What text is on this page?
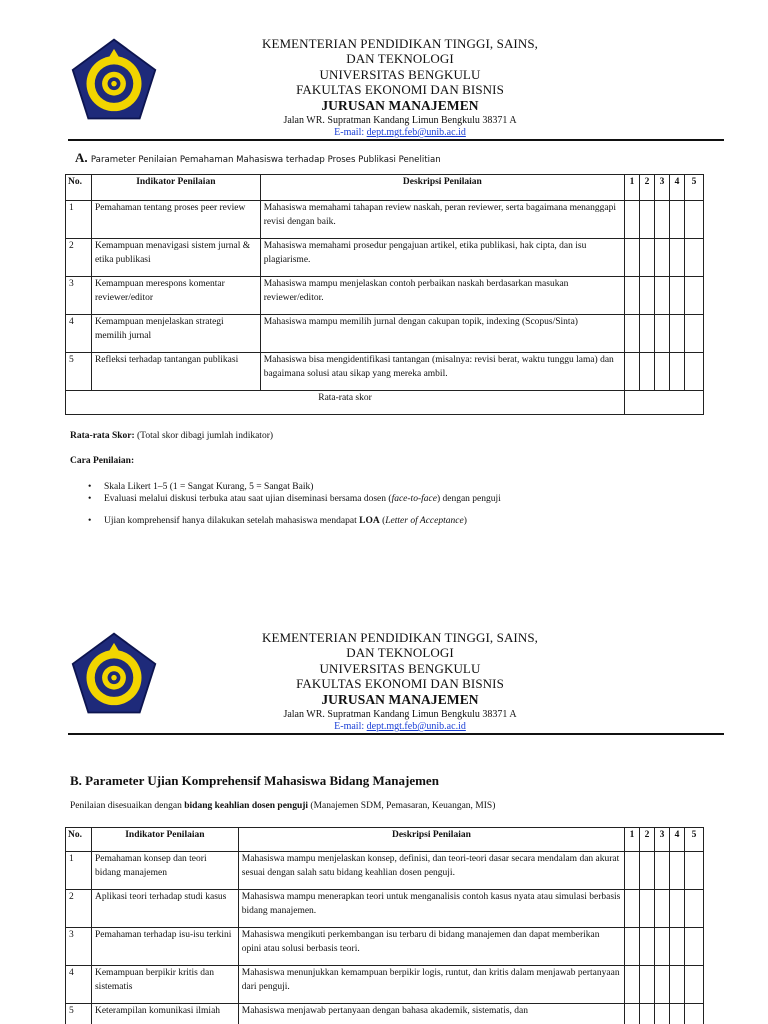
KEMENTERIAN PENDIDIKAN TINGGI, SAINS,
DAN TEKNOLOGI
UNIVERSITAS BENGKULU
FAKULTAS EKONOMI DAN BISNIS
JURUSAN MANAJEMEN
Jalan WR. Supratman Kandang Limun Bengkulu 38371 A
E-mail: dept.mgt.feb@unib.ac.id
A. Parameter Penilaian Pemahaman Mahasiswa terhadap Proses Publikasi Penelitian
No.	Indikator Penilaian	Deskripsi Penilaian	1	2	3	4	5
1	Pemahaman tentang proses peer review	Mahasiswa memahami tahapan review naskah, peran reviewer, serta bagaimana menanggapi revisi dengan baik.					
2	Kemampuan menavigasi sistem jurnal & etika publikasi	Mahasiswa memahami prosedur pengajuan artikel, etika publikasi, hak cipta, dan isu plagiarisme.					
3	Kemampuan merespons komentar reviewer/editor	Mahasiswa mampu menjelaskan contoh perbaikan naskah berdasarkan masukan reviewer/editor.					
4	Kemampuan menjelaskan strategi memilih jurnal	Mahasiswa mampu memilih jurnal dengan cakupan topik, indexing (Scopus/Sinta)					
5	Refleksi terhadap tantangan publikasi	Mahasiswa bisa mengidentifikasi tantangan (misalnya: revisi berat, waktu tunggu lama) dan bagaimana solusi atau sikap yang mereka ambil.					
Rata-rata skor							
Rata-rata Skor: (Total skor dibagi jumlah indikator)
Cara Penilaian:
• Skala Likert 1–5 (1 = Sangat Kurang, 5 = Sangat Baik)
• Evaluasi melalui diskusi terbuka atau saat ujian diseminasi bersama dosen (face-to-face) dengan penguji
• Ujian komprehensif hanya dilakukan setelah mahasiswa mendapat LOA (Letter of Acceptance)
KEMENTERIAN PENDIDIKAN TINGGI, SAINS,
DAN TEKNOLOGI
UNIVERSITAS BENGKULU
FAKULTAS EKONOMI DAN BISNIS
JURUSAN MANAJEMEN
Jalan WR. Supratman Kandang Limun Bengkulu 38371 A
E-mail: dept.mgt.feb@unib.ac.id
B. Parameter Ujian Komprehensif Mahasiswa Bidang Manajemen
Penilaian disesuaikan dengan bidang keahlian dosen penguji (Manajemen SDM, Pemasaran, Keuangan, MIS)
No.	Indikator Penilaian	Deskripsi Penilaian	1	2	3	4	5
1	Pemahaman konsep dan teori bidang manajemen	Mahasiswa mampu menjelaskan konsep, definisi, dan teori-teori dasar secara mendalam dan akurat sesuai dengan salah satu bidang keahlian dosen penguji.					
2	Aplikasi teori terhadap studi kasus	Mahasiswa mampu menerapkan teori untuk menganalisis contoh kasus nyata atau simulasi berbasis bidang manajemen.					
3	Pemahaman terhadap isu-isu terkini	Mahasiswa mengikuti perkembangan isu terbaru di bidang manajemen dan dapat memberikan opini atau solusi berbasis teori.					
4	Kemampuan berpikir kritis dan sistematis	Mahasiswa menunjukkan kemampuan berpikir logis, runtut, dan kritis dalam menjawab pertanyaan dari penguji.					
5	Keterampilan komunikasi ilmiah	Mahasiswa menjawab pertanyaan dengan bahasa akademik, sistematis, dan					
